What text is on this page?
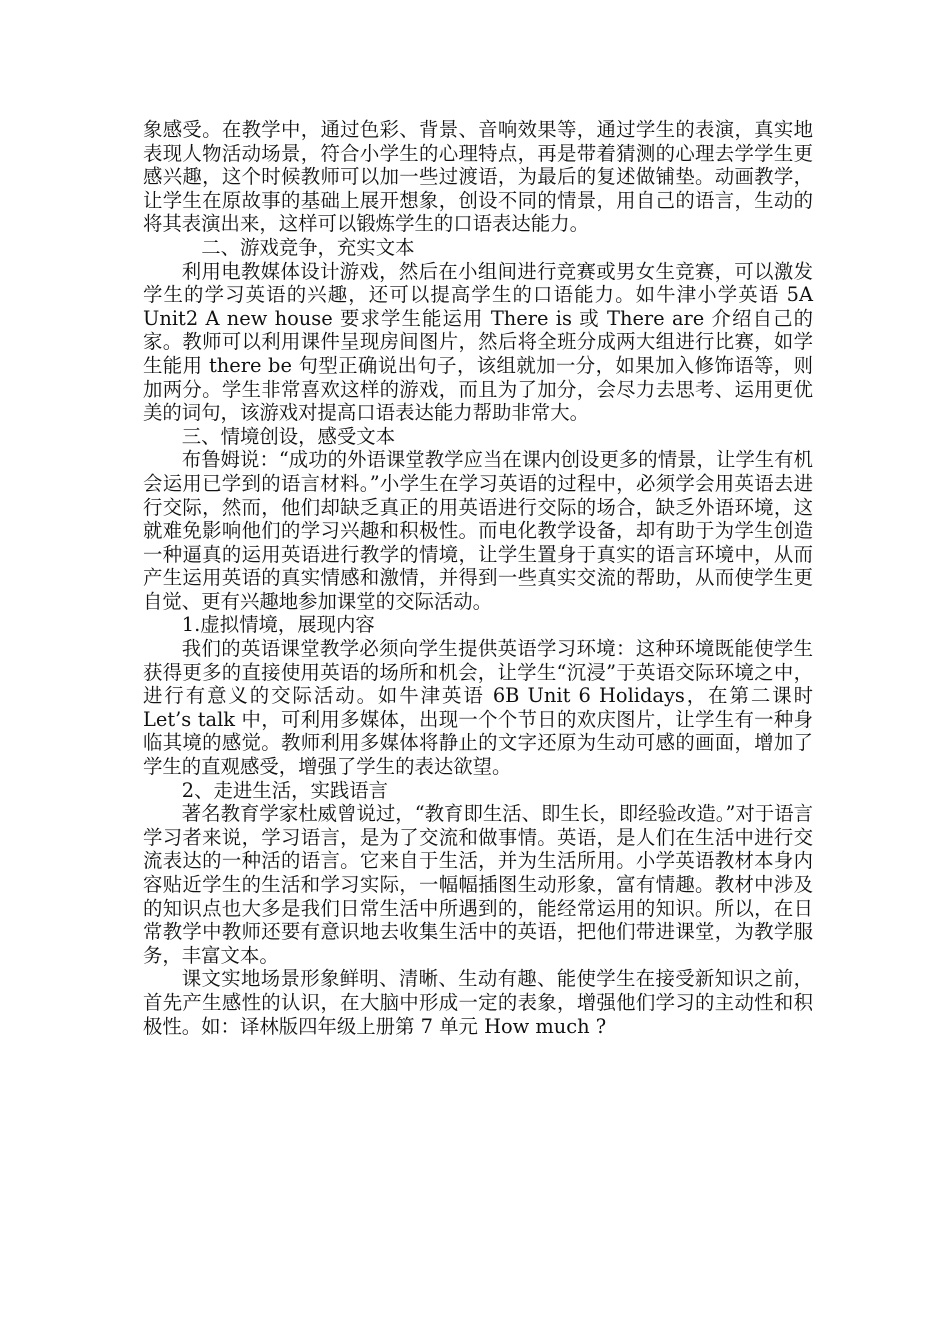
象感受。在教学中，通过色彩、背景、音响效果等，通过学生的表演，真实地表现人物活动场景，符合小学生的心理特点，再是带着猜测的心理去学学生更感兴趣，这个时候教师可以加一些过渡语，为最后的复述做铺垫。动画教学，让学生在原故事的基础上展开想象，创设不同的情景，用自己的语言，生动的将其表演出来，这样可以锻炼学生的口语表达能力。

二、游戏竞争，充实文本

利用电教媒体设计游戏，然后在小组间进行竞赛或男女生竞赛，可以激发学生的学习英语的兴趣，还可以提高学生的口语能力。如牛津小学英语 5A Unit2 A new house 要求学生能运用 There is 或 There are 介绍自己的家。教师可以利用课件呈现房间图片，然后将全班分成两大组进行比赛，如学生能用 there be 句型正确说出句子，该组就加一分，如果加入修饰语等，则加两分。学生非常喜欢这样的游戏，而且为了加分，会尽力去思考、运用更优美的词句，该游戏对提高口语表达能力帮助非常大。

三、情境创设，感受文本

布鲁姆说：“成功的外语课堂教学应当在课内创设更多的情景，让学生有机会运用已学到的语言材料。”小学生在学习英语的过程中，必须学会用英语去进行交际，然而，他们却缺乏真正的用英语进行交际的场合，缺乏外语环境，这就难免影响他们的学习兴趣和积极性。而电化教学设备，却有助于为学生创造一种逼真的运用英语进行教学的情境，让学生置身于真实的语言环境中，从而产生运用英语的真实情感和激情，并得到一些真实交流的帮助，从而使学生更自觉、更有兴趣地参加课堂的交际活动。

1.虚拟情境，展现内容

我们的英语课堂教学必须向学生提供英语学习环境：这种环境既能使学生获得更多的直接使用英语的场所和机会，让学生“沉浸”于英语交际环境之中，进行有意义的交际活动。如牛津英语 6B Unit 6 Holidays，在第二课时 Let’s talk 中，可利用多媒体，出现一个个节日的欢庆图片，让学生有一种身临其境的感觉。教师利用多媒体将静止的文字还原为生动可感的画面，增加了学生的直观感受，增强了学生的表达欲望。

2、走进生活，实践语言

著名教育学家杜威曾说过，“教育即生活、即生长，即经验改造。”对于语言学习者来说，学习语言，是为了交流和做事情。英语，是人们在生活中进行交流表达的一种活的语言。它来自于生活，并为生活所用。小学英语教材本身内容贴近学生的生活和学习实际，一幅幅插图生动形象，富有情趣。教材中涉及的知识点也大多是我们日常生活中所遇到的，能经常运用的知识。所以，在日常教学中教师还要有意识地去收集生活中的英语，把他们带进课堂，为教学服务，丰富文本。

课文实地场景形象鲜明、清晰、生动有趣、能使学生在接受新知识之前，首先产生感性的认识，在大脑中形成一定的表象，增强他们学习的主动性和积极性。如：译林版四年级上册第 7 单元 How much ?
